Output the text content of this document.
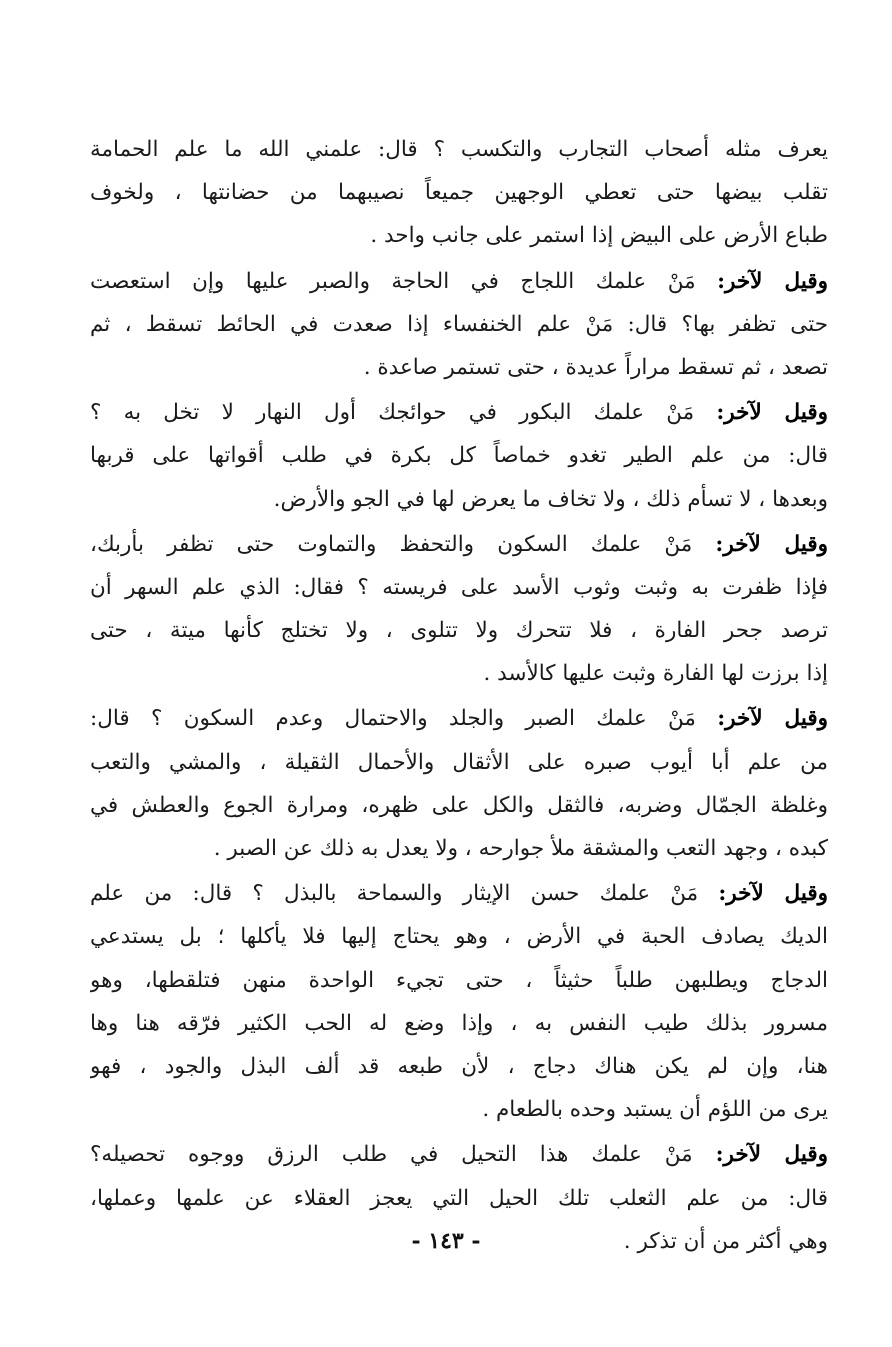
يعرف مثله أصحاب التجارب والتكسب ؟ قال: علمني الله ما علم الحمامة
تقلب بيضها حتى تعطي الوجهين جميعاً نصيبهما من حضانتها ، ولخوف
طباع الأرض على البيض إذا استمر على جانب واحد .
وقيل لآخر: مَنْ علمك اللجاج في الحاجة والصبر عليها وإن استعصت
حتى تظفر بها؟ قال: مَنْ علم الخنفساء إذا صعدت في الحائط تسقط ، ثم
تصعد ، ثم تسقط مراراً عديدة ، حتى تستمر صاعدة .
وقيل لآخر: مَنْ علمك البكور في حوائجك أول النهار لا تخل به ؟
قال: من علم الطير تغدو خماصاً كل بكرة في طلب أقواتها على قربها
وبعدها ، لا تسأم ذلك ، ولا تخاف ما يعرض لها في الجو والأرض.
وقيل لآخر: مَنْ علمك السكون والتحفظ والتماوت حتى تظفر بأربك،
فإذا ظفرت به وثبت وثوب الأسد على فريسته ؟ فقال: الذي علم السهر أن
ترصد جحر الفارة ، فلا تتحرك ولا تتلوى ، ولا تختلج كأنها ميتة ، حتى
إذا برزت لها الفارة وثبت عليها كالأسد .
وقيل لآخر: مَنْ علمك الصبر والجلد والاحتمال وعدم السكون ؟ قال:
من علم أبا أيوب صبره على الأثقال والأحمال الثقيلة ، والمشي والتعب
وغلظة الجمّال وضربه، فالثقل والكل على ظهره، ومرارة الجوع والعطش في
كبده ، وجهد التعب والمشقة ملأ جوارحه ، ولا يعدل به ذلك عن الصبر .
وقيل لآخر: مَنْ علمك حسن الإيثار والسماحة بالبذل ؟ قال: من علم
الديك يصادف الحبة في الأرض ، وهو يحتاج إليها فلا يأكلها ؛ بل يستدعي
الدجاج ويطلبهن طلباً حثيثاً ، حتى تجيء الواحدة منهن فتلقطها، وهو
مسرور بذلك طيب النفس به ، وإذا وضع له الحب الكثير فرّقه هنا وها
هنا، وإن لم يكن هناك دجاج ، لأن طبعه قد ألف البذل والجود ، فهو
يرى من اللؤم أن يستبد وحده بالطعام .
وقيل لآخر: مَنْ علمك هذا التحيل في طلب الرزق ووجوه تحصيله؟
قال: من علم الثعلب تلك الحيل التي يعجز العقلاء عن علمها وعملها،
وهي أكثر من أن تذكر .
- ١٤٣ -
